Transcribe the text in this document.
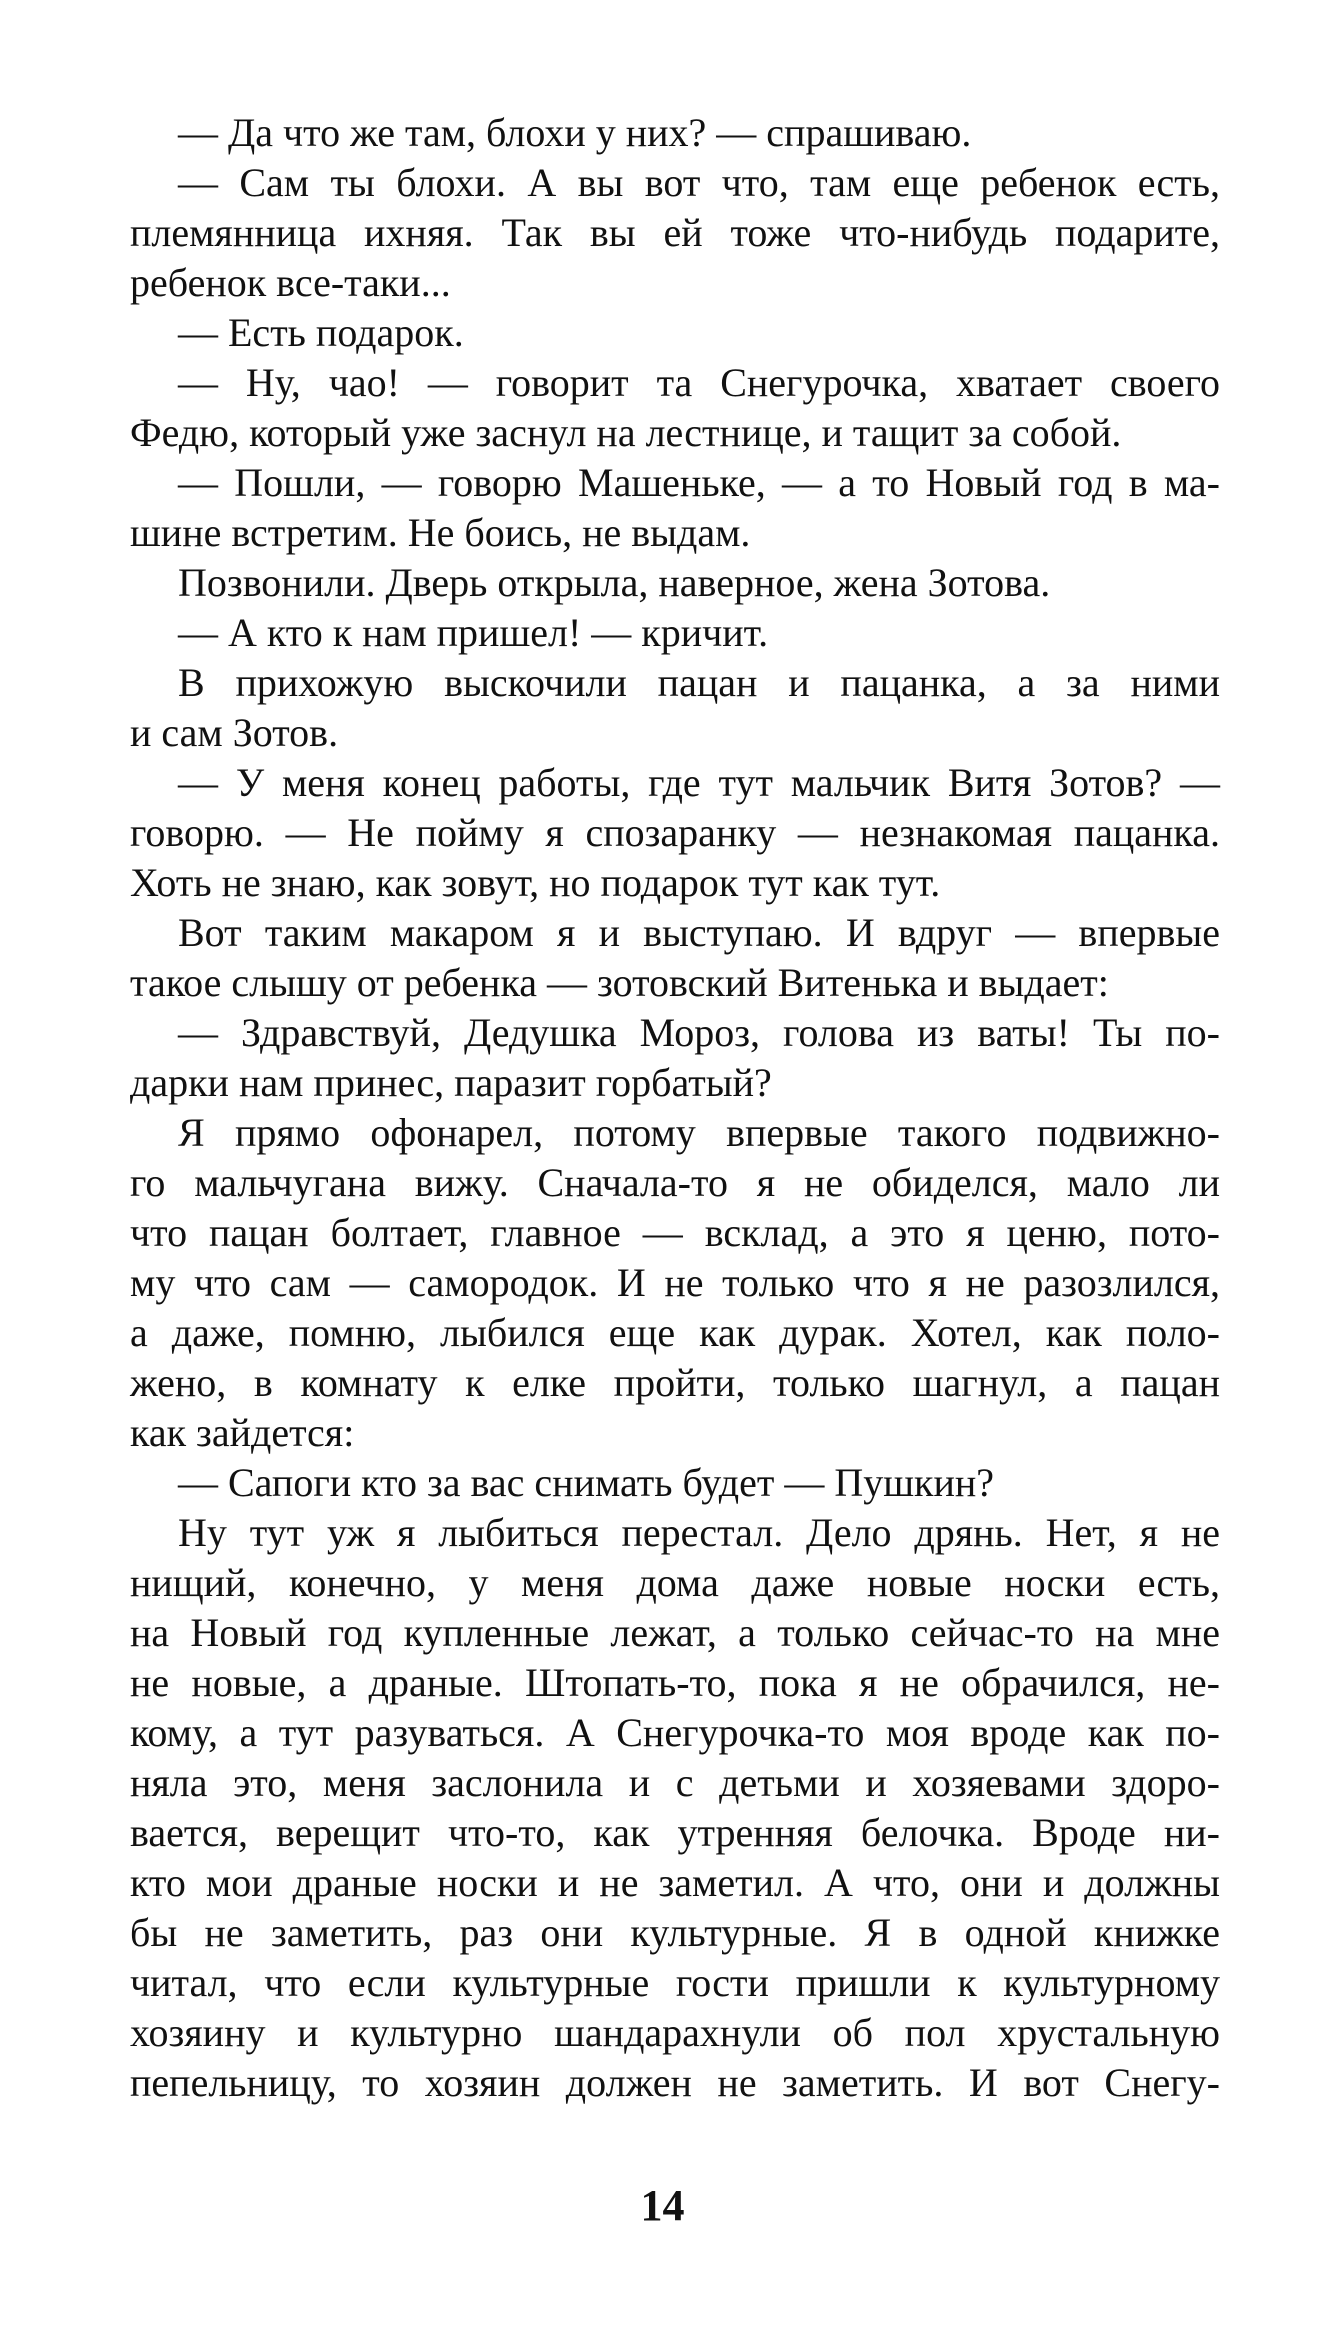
— Да что же там, блохи у них? — спрашиваю.
— Сам ты блохи. А вы вот что, там еще ребенок есть,
племянница ихняя. Так вы ей тоже что-нибудь подарите,
ребенок все-таки...
— Есть подарок.
— Ну, чао! — говорит та Снегурочка, хватает своего
Федю, который уже заснул на лестнице, и тащит за собой.
— Пошли, — говорю Машеньке, — а то Новый год в ма-
шине встретим. Не боись, не выдам.
Позвонили. Дверь открыла, наверное, жена Зотова.
— А кто к нам пришел! — кричит.
В прихожую выскочили пацан и пацанка, а за ними
и сам Зотов.
— У меня конец работы, где тут мальчик Витя Зотов? —
говорю. — Не пойму я спозаранку — незнакомая пацанка.
Хоть не знаю, как зовут, но подарок тут как тут.
Вот таким макаром я и выступаю. И вдруг — впервые
такое слышу от ребенка — зотовский Витенька и выдает:
— Здравствуй, Дедушка Мороз, голова из ваты! Ты по-
дарки нам принес, паразит горбатый?
Я прямо офонарел, потому впервые такого подвижно-
го мальчугана вижу. Сначала-то я не обиделся, мало ли
что пацан болтает, главное — всклад, а это я ценю, пото-
му что сам — самородок. И не только что я не разозлился,
а даже, помню, лыбился еще как дурак. Хотел, как поло-
жено, в комнату к елке пройти, только шагнул, а пацан
как зайдется:
— Сапоги кто за вас снимать будет — Пушкин?
Ну тут уж я лыбиться перестал. Дело дрянь. Нет, я не
нищий, конечно, у меня дома даже новые носки есть,
на Новый год купленные лежат, а только сейчас-то на мне
не новые, а драные. Штопать-то, пока я не обрачился, не-
кому, а тут разуваться. А Снегурочка-то моя вроде как по-
няла это, меня заслонила и с детьми и хозяевами здоро-
вается, верещит что-то, как утренняя белочка. Вроде ни-
кто мои драные носки и не заметил. А что, они и должны
бы не заметить, раз они культурные. Я в одной книжке
читал, что если культурные гости пришли к культурному
хозяину и культурно шандарахнули об пол хрустальную
пепельницу, то хозяин должен не заметить. И вот Снегу-
14
